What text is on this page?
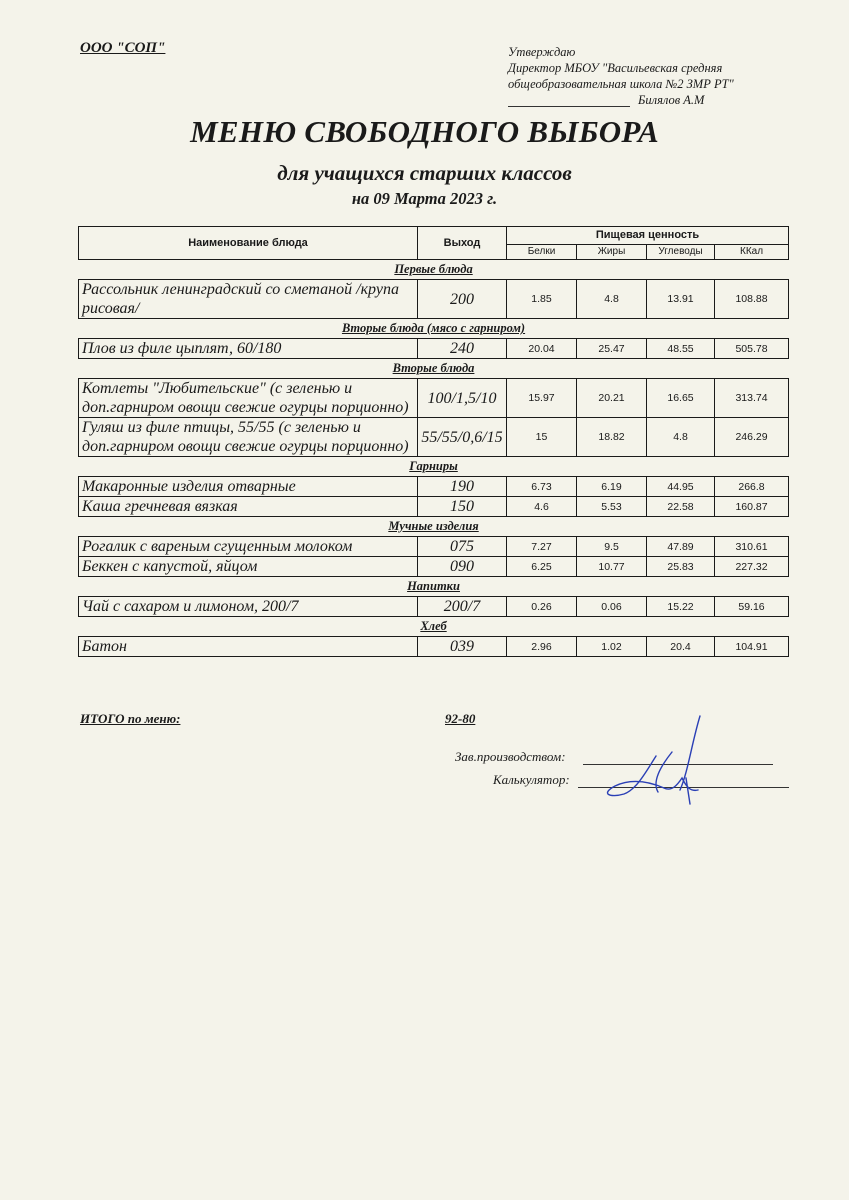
ООО "СОП"	Утверждаю
Директор МБОУ "Васильевская средняя
общеобразовательная школа №2 ЗМР РТ"
Билялов А.М
МЕНЮ СВОБОДНОГО ВЫБОРА
для учащихся старших классов
на 09 Марта 2023 г.
Наименование блюда	Выход	Пищевая ценность			
		Белки	Жиры	Углеводы	ККал
Первые блюда					
Рассольник ленинградский со сметаной /крупа рисовая/	200	1.85	4.8	13.91	108.88
Вторые блюда (мясо с гарниром)					
Плов из филе цыплят, 60/180	240	20.04	25.47	48.55	505.78
Вторые блюда					
Котлеты "Любительские" (с зеленью и доп.гарниром овощи свежие огурцы порционно)	100/1,5/10	15.97	20.21	16.65	313.74
Гуляш из филе птицы, 55/55 (с зеленью и доп.гарниром овощи свежие огурцы порционно)	55/55/0,6/15	15	18.82	4.8	246.29
Гарниры					
Макаронные изделия отварные	190	6.73	6.19	44.95	266.8
Каша гречневая вязкая	150	4.6	5.53	22.58	160.87
Мучные изделия					
Рогалик с вареным сгущенным молоком	075	7.27	9.5	47.89	310.61
Беккен с капустой, яйцом	090	6.25	10.77	25.83	227.32
Напитки					
Чай с сахаром и лимоном, 200/7	200/7	0.26	0.06	15.22	59.16
Хлеб					
Батон	039	2.96	1.02	20.4	104.91
ИТОГО по меню:	92-80
Зав.производством:
Калькулятор:
